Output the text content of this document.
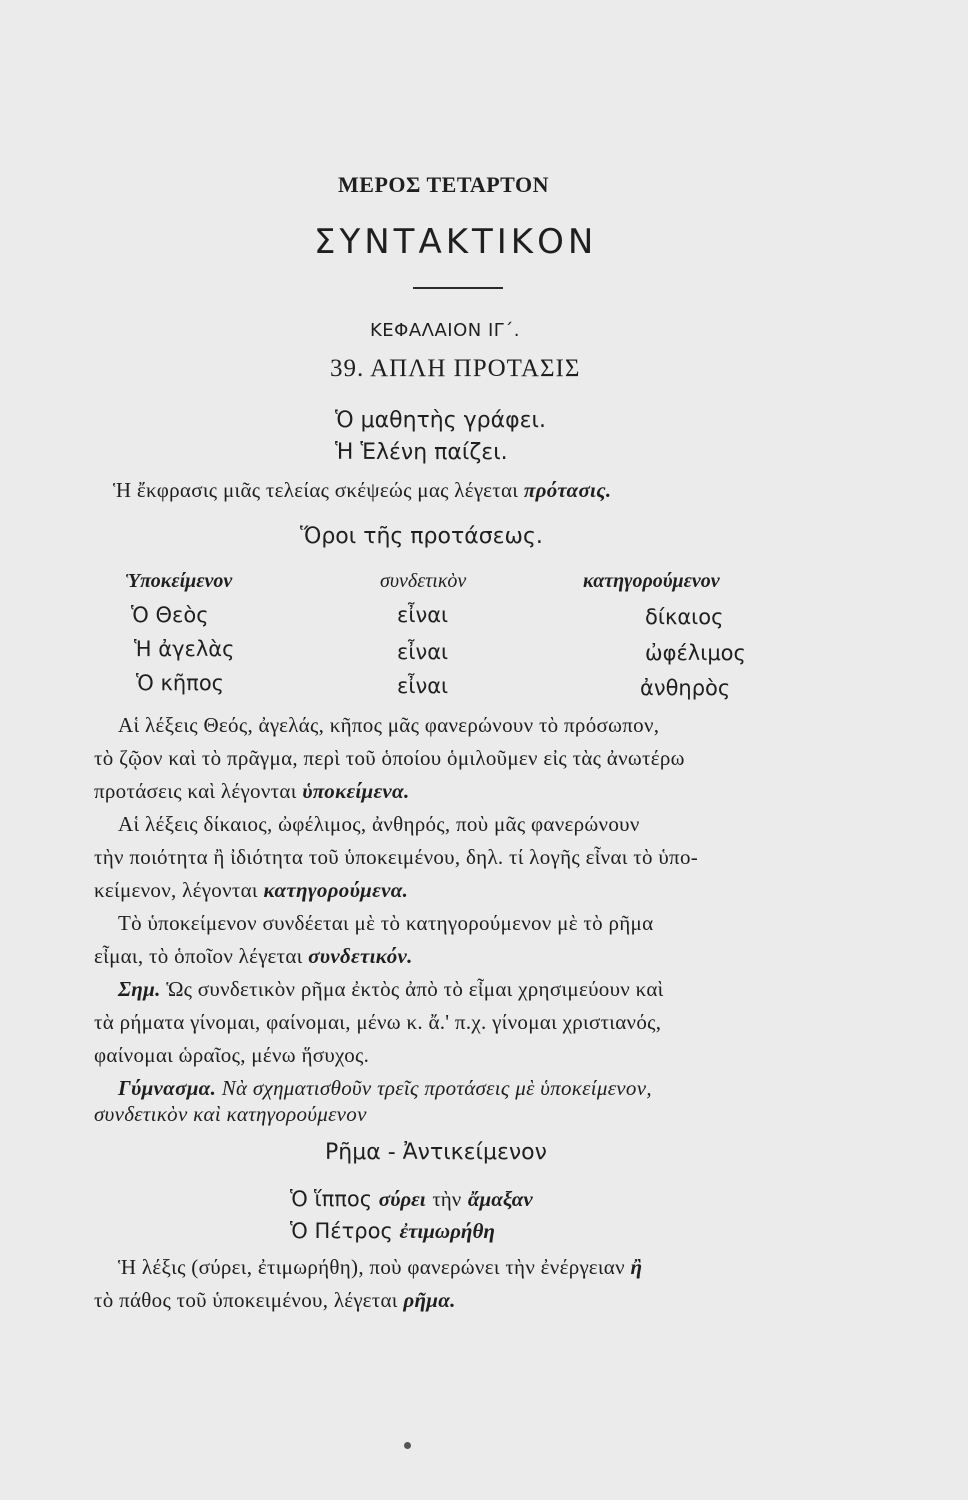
ΜΕΡΟΣ ΤΕΤΑΡΤΟΝ
ΣΥΝΤΑΚΤΙΚΟΝ
ΚΕΦΑΛΑΙΟΝ ΙΓ΄.
39. ΑΠΛΗ ΠΡΟΤΑΣΙΣ
Ὁ μαθητὴς γράφει.
Ἡ Ἑλένη παίζει.
Ἡ ἔκφρασις μιᾶς τελείας σκέψεώς μας λέγεται πρότασις.
Ὅροι τῆς προτάσεως.
Ὑποκείμενον	συνδετικὸν	κατηγορούμενον
Ὁ Θεὸς	εἶναι	δίκαιος
Ἡ ἀγελὰς	εἶναι	ὠφέλιμος
Ὁ κῆπος	εἶναι	ἀνθηρὸς
Αἱ λέξεις Θεός, ἀγελάς, κῆπος μᾶς φανερώνουν τὸ πρόσωπον,
τὸ ζῷον καὶ τὸ πρᾶγμα, περὶ τοῦ ὁποίου ὁμιλοῦμεν εἰς τὰς ἀνωτέρω
προτάσεις καὶ λέγονται ὑποκείμενα.
Αἱ λέξεις δίκαιος, ὠφέλιμος, ἀνθηρός, ποὺ μᾶς φανερώνουν
τὴν ποιότητα ἢ ἰδιότητα τοῦ ὑποκειμένου, δηλ. τί λογῆς εἶναι τὸ ὑπο-
κείμενον, λέγονται κατηγορούμενα.
Τὸ ὑποκείμενον συνδέεται μὲ τὸ κατηγορούμενον μὲ τὸ ρῆμα
εἶμαι, τὸ ὁποῖον λέγεται συνδετικόν.
Σημ. Ὡς συνδετικὸν ρῆμα ἐκτὸς ἀπὸ τὸ εἶμαι χρησιμεύουν καὶ
τὰ ρήματα γίνομαι, φαίνομαι, μένω κ. ἄ.' π.χ. γίνομαι χριστιανός,
φαίνομαι ὡραῖος, μένω ἥσυχος.
Γύμνασμα. Νὰ σχηματισθοῦν τρεῖς προτάσεις μὲ ὑποκείμενον,
συνδετικὸν καὶ κατηγορούμενον
Ρῆμα - Ἀντικείμενον
Ὁ ἵππος σύρει τὴν ἄμαξαν
Ὁ Πέτρος ἐτιμωρήθη
Ἡ λέξις (σύρει, ἐτιμωρήθη), ποὺ φανερώνει τὴν ἐνέργειαν ἢ
τὸ πάθος τοῦ ὑποκειμένου, λέγεται ρῆμα.
